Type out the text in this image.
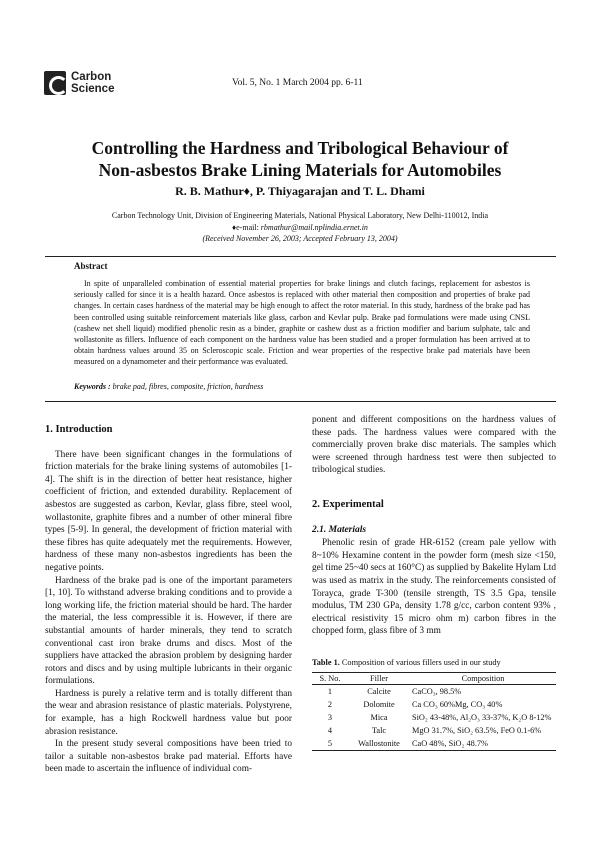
Carbon
Science	Vol. 5, No. 1 March 2004 pp. 6-11
Controlling the Hardness and Tribological Behaviour of
Non-asbestos Brake Lining Materials for Automobiles
R. B. Mathur♦, P. Thiyagarajan and T. L. Dhami
Carbon Technology Unit, Division of Engineering Materials, National Physical Laboratory, New Delhi-110012, India
♦e-mail: rbmathur@mail.nplindia.ernet.in
(Received November 26, 2003; Accepted February 13, 2004)
Abstract
In spite of unparalleled combination of essential material properties for brake linings and clutch facings, replacement for asbestos is seriously called for since it is a health hazard. Once asbestos is replaced with other material then composition and properties of brake pad changes. In certain cases hardness of the material may be high enough to affect the rotor material. In this study, hardness of the brake pad has been controlled using suitable reinforcement materials like glass, carbon and Kevlar pulp. Brake pad formulations were made using CNSL (cashew net shell liquid) modified phenolic resin as a binder, graphite or cashew dust as a friction modifier and barium sulphate, talc and wollastonite as fillers. Influence of each component on the hardness value has been studied and a proper formulation has been arrived at to obtain hardness values around 35 on Scleroscopic scale. Friction and wear properties of the respective brake pad materials have been measured on a dynamometer and their performance was evaluated.
Keywords : brake pad, fibres, composite, friction, hardness
1. Introduction

There have been significant changes in the formulations of friction materials for the brake lining systems of automobiles [1-4]. The shift is in the direction of better heat resistance, higher coefficient of friction, and extended durability. Replacement of asbestos are suggested as carbon, Kevlar, glass fibre, steel wool, wollastonite, graphite fibres and a number of other mineral fibre types [5-9]. In general, the development of friction material with these fibres has quite adequately met the requirements. However, hardness of these many non-asbestos ingredients has been the negative points.

Hardness of the brake pad is one of the important parameters [1, 10]. To withstand adverse braking conditions and to provide a long working life, the friction material should be hard. The harder the material, the less compressible it is. However, if there are substantial amounts of harder minerals, they tend to scratch conventional cast iron brake drums and discs. Most of the suppliers have attacked the abrasion problem by designing harder rotors and discs and by using multiple lubricants in their organic formulations.

Hardness is purely a relative term and is totally different than the wear and abrasion resistance of plastic materials. Polystyrene, for example, has a high Rockwell hardness value but poor abrasion resistance.

In the present study several compositions have been tried to tailor a suitable non-asbestos brake pad material. Efforts have been made to ascertain the influence of individual com-

ponent and different compositions on the hardness values of these pads. The hardness values were compared with the commercially proven brake disc materials. The samples which were screened through hardness test were then subjected to tribological studies.

2. Experimental
2.1. Materials

Phenolic resin of grade HR-6152 (cream pale yellow with 8~10% Hexamine content in the powder form (mesh size <150, gel time 25~40 secs at 160°C) as supplied by Bakelite Hylam Ltd was used as matrix in the study. The reinforcements consisted of Torayca, grade T-300 (tensile strength, TS 3.5 Gpa, tensile modulus, TM 230 GPa, density 1.78 g/cc, carbon content 93% , electrical resistivity 15 micro ohm m) carbon fibres in the chopped form, glass fibre of 3 mm

Table 1. Composition of various fillers used in our study
S. No.	Filler	Composition
1	Calcite	CaCO₃, 98.5%
2	Dolomite	Ca CO₃ 60%Mg, CO₃ 40%
3	Mica	SiO₂ 43-48%, Al₂O₃ 33-37%, K₂O 8-12%
4	Talc	MgO 31.7%, SiO₂ 63.5%, FeO 0.1-6%
5	Wallostonite	CaO 48%, SiO₂ 48.7%
